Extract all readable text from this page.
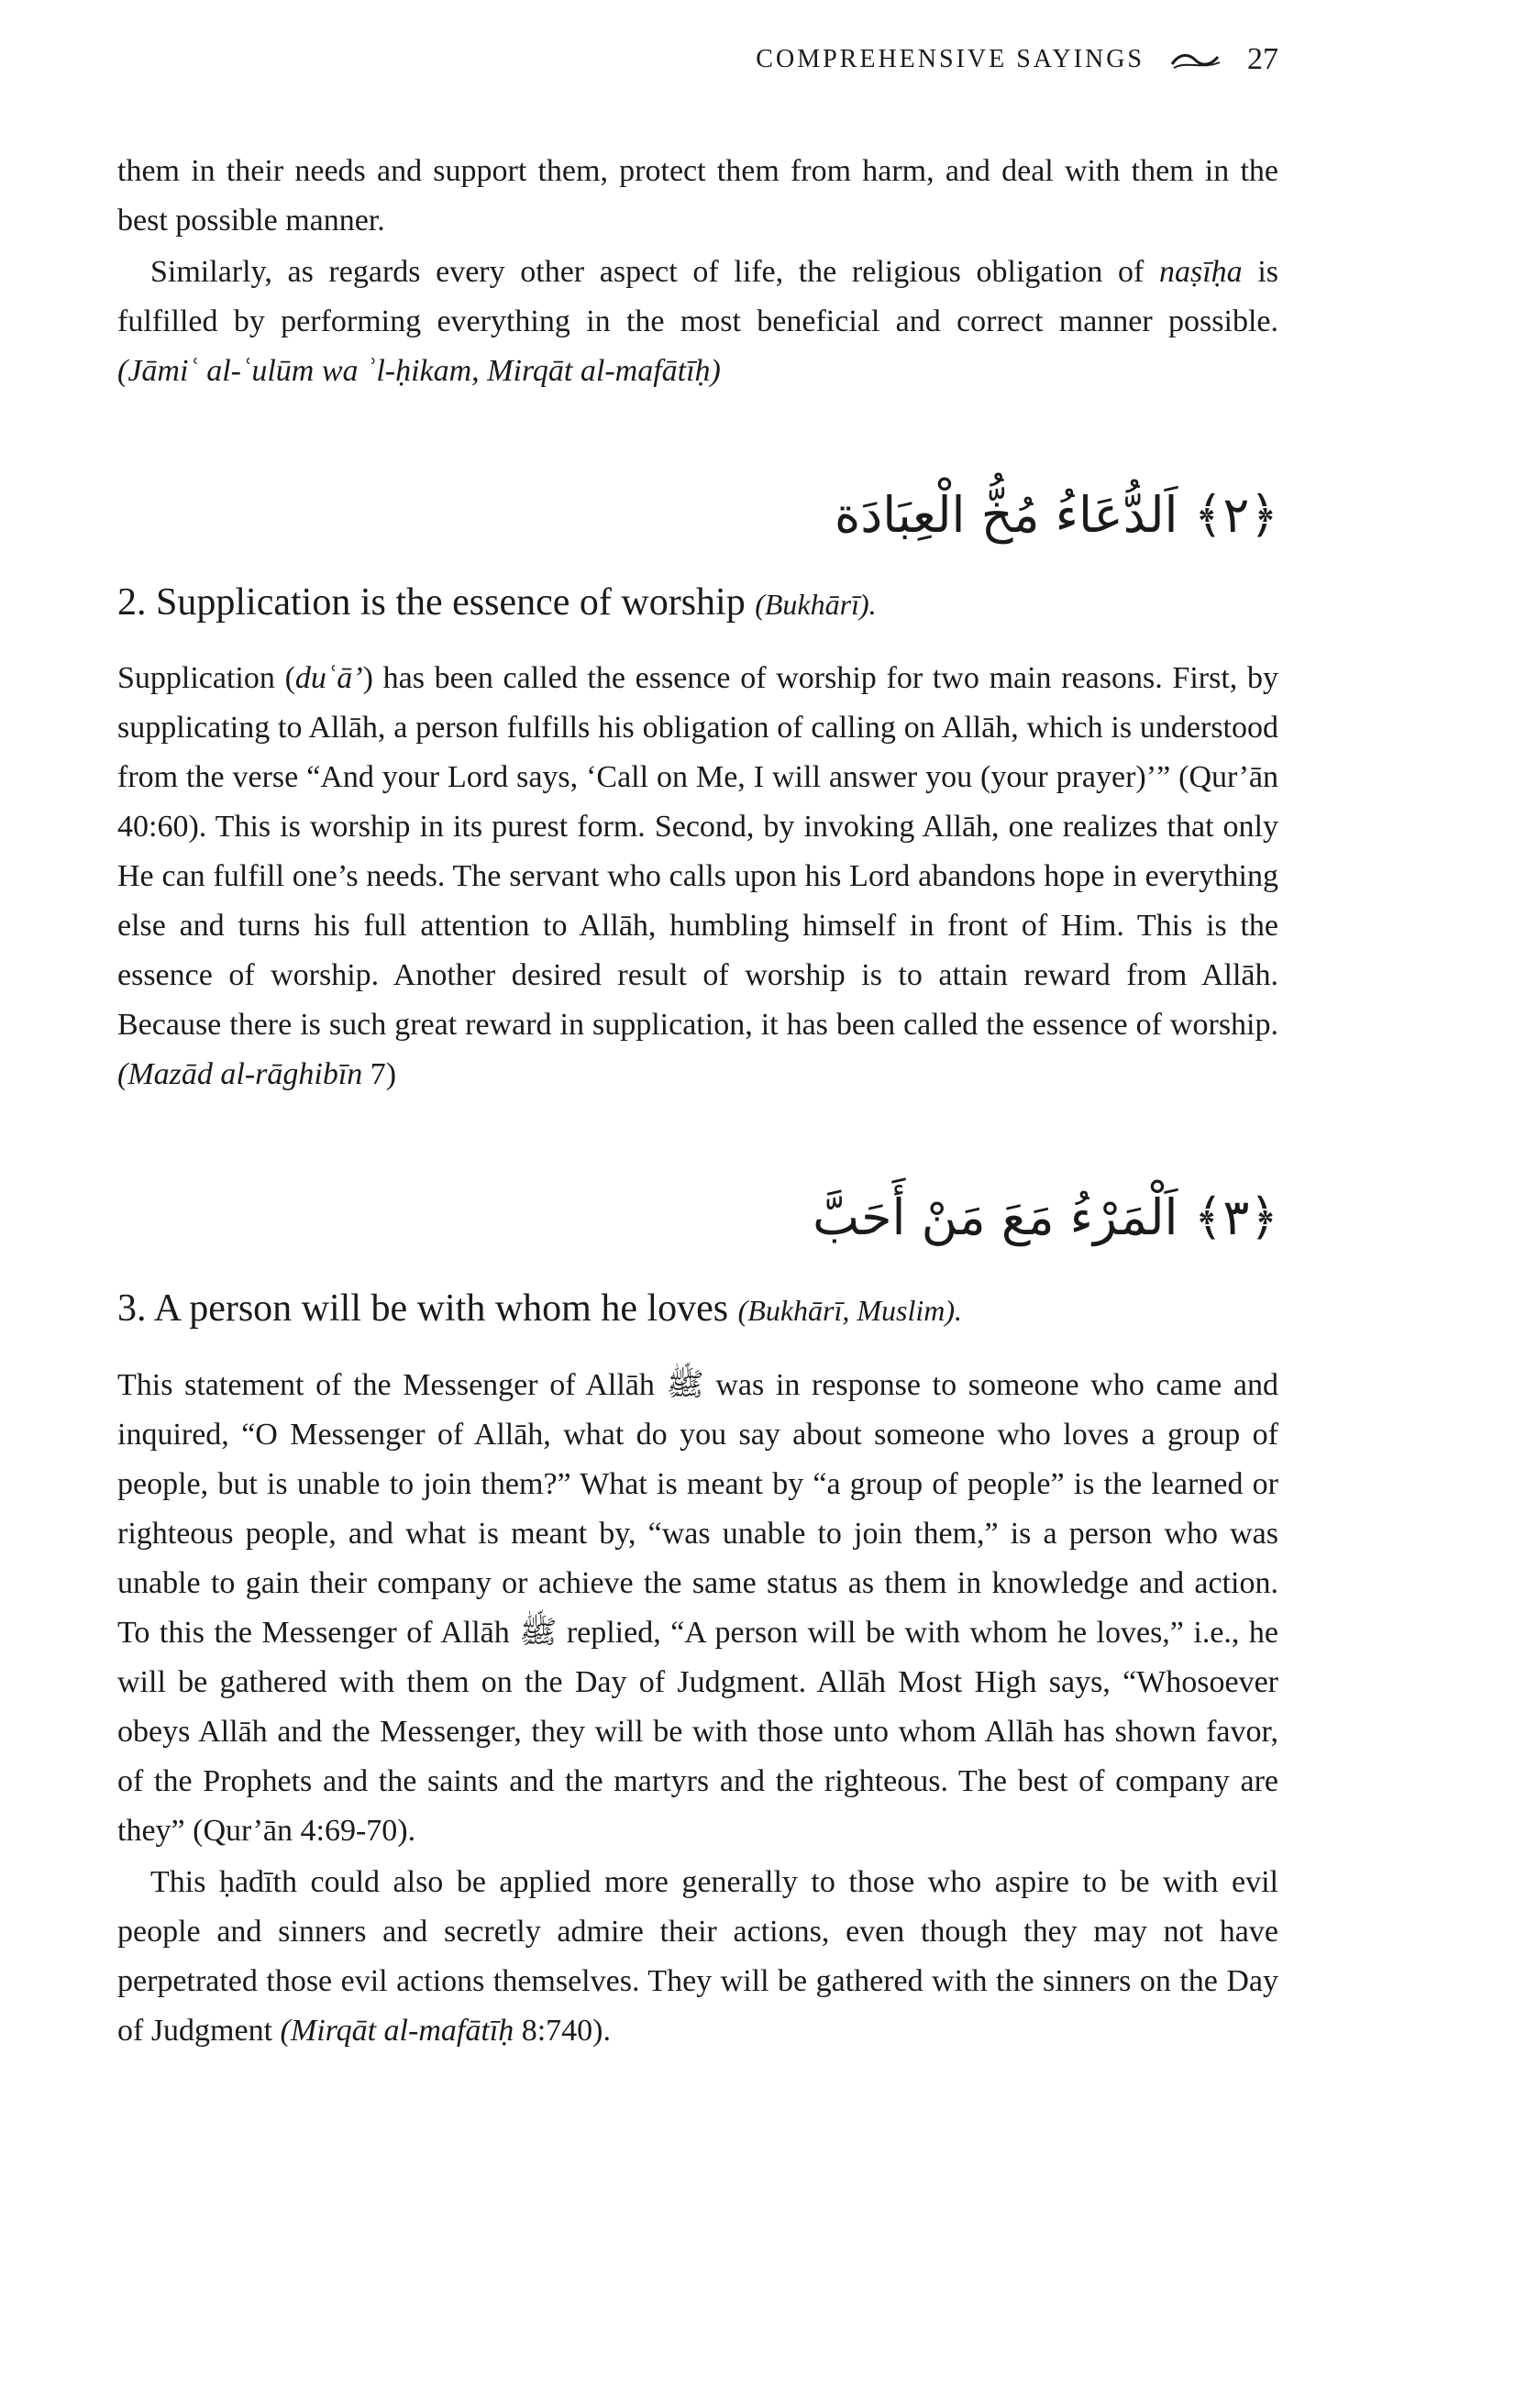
COMPREHENSIVE SAYINGS	27

them in their needs and support them, protect them from harm, and deal with them in the best possible manner.

Similarly, as regards every other aspect of life, the religious obligation of naṣīḥa is fulfilled by performing everything in the most beneficial and correct manner possible. (Jāmiʿ al-ʿulūm wa ʾl-ḥikam, Mirqāt al-mafātīḥ)

﴿٢﴾ اَلدُّعَاءُ مُخُّ الْعِبَادَة
2. Supplication is the essence of worship (Bukhārī).

Supplication (duʿā’) has been called the essence of worship for two main reasons. First, by supplicating to Allāh, a person fulfills his obligation of calling on Allāh, which is understood from the verse “And your Lord says, ‘Call on Me, I will answer you (your prayer)’” (Qur’ān 40:60). This is worship in its purest form. Second, by invoking Allāh, one realizes that only He can fulfill one’s needs. The servant who calls upon his Lord abandons hope in everything else and turns his full attention to Allāh, humbling himself in front of Him. This is the essence of worship. Another desired result of worship is to attain reward from Allāh. Because there is such great reward in supplication, it has been called the essence of worship. (Mazād al-rāghibīn 7)

﴿٣﴾ اَلْمَرْءُ مَعَ مَنْ أَحَبَّ
3. A person will be with whom he loves (Bukhārī, Muslim).

This statement of the Messenger of Allāh ﷺ was in response to someone who came and inquired, “O Messenger of Allāh, what do you say about someone who loves a group of people, but is unable to join them?” What is meant by “a group of people” is the learned or righteous people, and what is meant by, “was unable to join them,” is a person who was unable to gain their company or achieve the same status as them in knowledge and action. To this the Messenger of Allāh ﷺ replied, “A person will be with whom he loves,” i.e., he will be gathered with them on the Day of Judgment. Allāh Most High says, “Whosoever obeys Allāh and the Messenger, they will be with those unto whom Allāh has shown favor, of the Prophets and the saints and the martyrs and the righteous. The best of company are they” (Qur’ān 4:69-70).

This ḥadīth could also be applied more generally to those who aspire to be with evil people and sinners and secretly admire their actions, even though they may not have perpetrated those evil actions themselves. They will be gathered with the sinners on the Day of Judgment (Mirqāt al-mafātīḥ 8:740).
